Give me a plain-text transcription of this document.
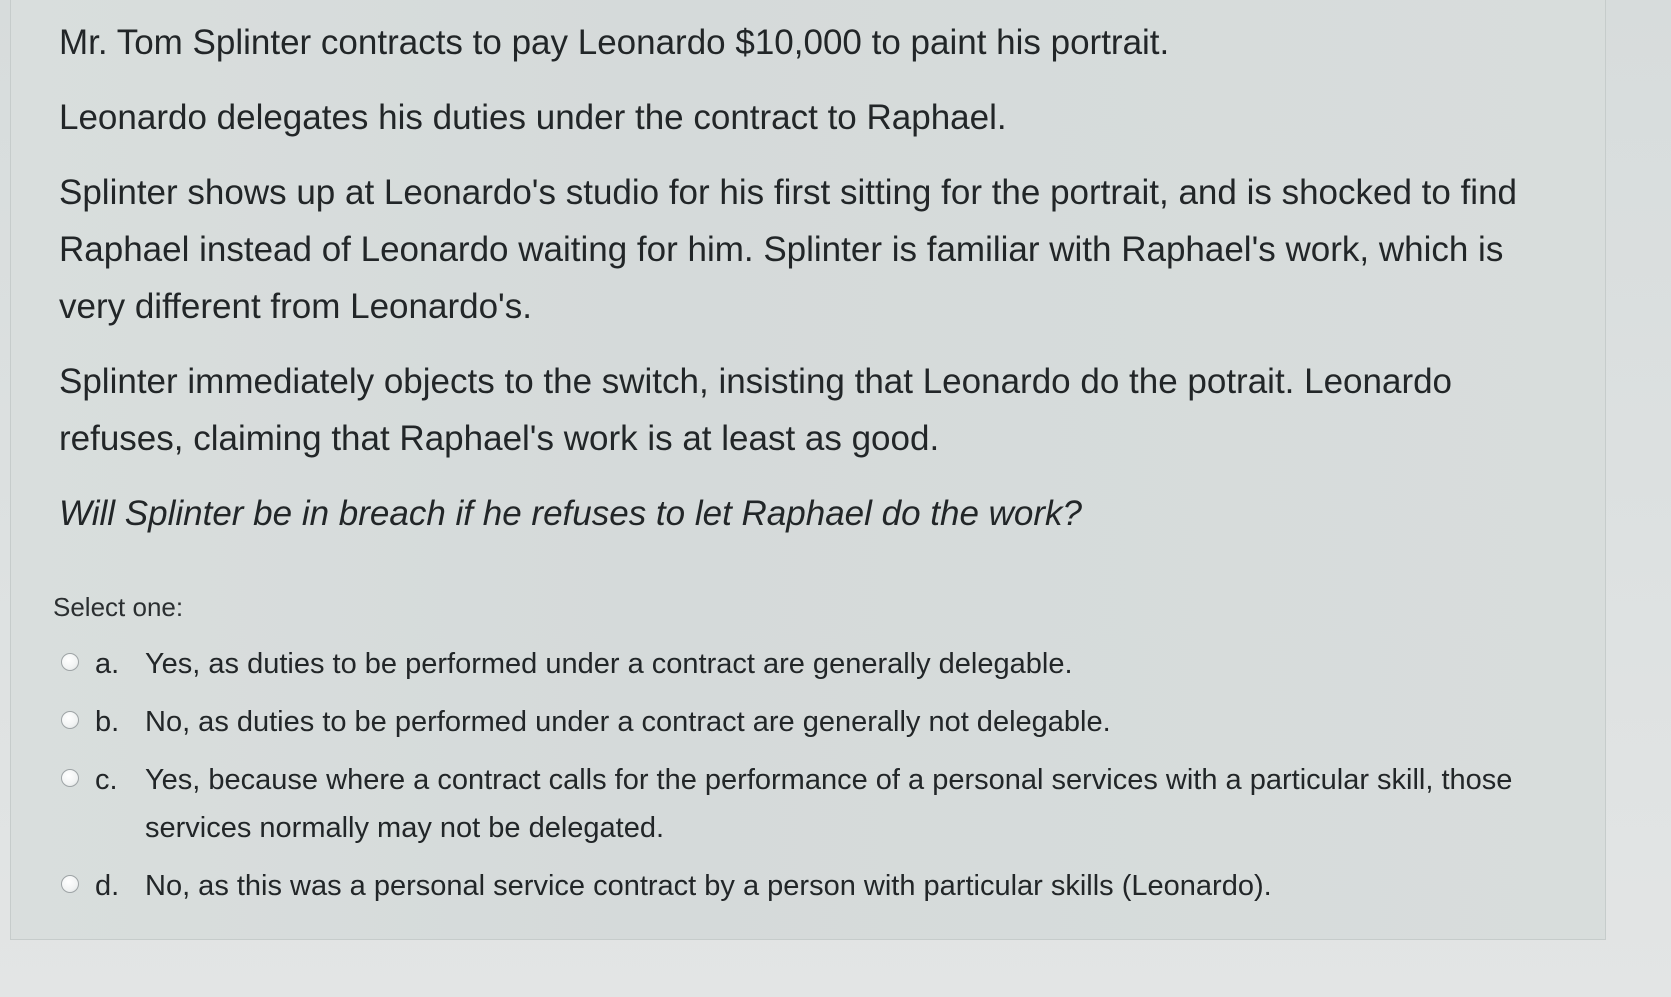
Mr. Tom Splinter contracts to pay Leonardo $10,000 to paint his portrait.

Leonardo delegates his duties under the contract to Raphael.

Splinter shows up at Leonardo's studio for his first sitting for the portrait, and is shocked to find Raphael instead of Leonardo waiting for him. Splinter is familiar with Raphael's work, which is very different from Leonardo's.

Splinter immediately objects to the switch, insisting that Leonardo do the potrait. Leonardo refuses, claiming that Raphael's work is at least as good.

Will Splinter be in breach if he refuses to let Raphael do the work?

Select one:
a. Yes, as duties to be performed under a contract are generally delegable.
b. No, as duties to be performed under a contract are generally not delegable.
c. Yes, because where a contract calls for the performance of a personal services with a particular skill, those services normally may not be delegated.
d. No, as this was a personal service contract by a person with particular skills (Leonardo).
